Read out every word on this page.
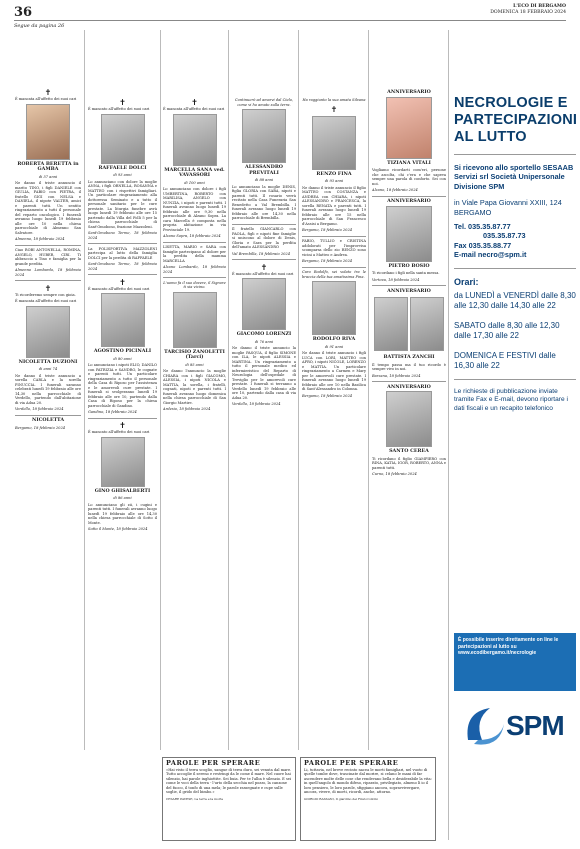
36	L'ECO DI BERGAMO
DOMENICA 18 FEBBRAIO 2024
Segue da pagina 26
✝

È mancata all'affetto dei suoi cari

ROBERTA BERETTA in GAMBA

di 57 anni

Ne danno il triste annuncio il marito TINO, i figli DANIELE con GIULIA, FABIO con PIETRA, il fratello GIGI con NELSA e DANIELA, il nipote VALTER, amici e parenti tutti. Un sentito ringraziamento a tutti il personale del reparto oncologico. I funerali avranno luogo lunedì 19 febbraio alle ore 10 nella chiesa parrocchiale di Almenno San Salvatore.

Almenno, 18 febbraio 2024

Ciao ROBI ANTONELLA, ROMINA, ANGELO, HUBER, CIRI. Ti abbraccio a Tino e famiglia per la grande perdita.

Almenno Lombardo, 18 febbraio 2024

✝

Ti ricorderemo sempre con gioia.

È mancata all'affetto dei suoi cari

NICOLETTA DUZIONI

di anni 74

Ne danno il triste annuncio a sorella CARLA e la sorella PINUCCIA. I funerali saranno celebrati lunedì 19 febbraio alle ore 14,30 nella parrocchiale di Verdello, partendo dall'abitazione di via Adua 20.

Verdello, 18 febbraio 2024

NICOLETTA

Bergamo, 18 febbraio 2024

✝

È mancato all'affetto dei suoi cari

RAFFAELE DOLCI

di 93 anni

Lo annunciano con dolore la moglie ANNA, i figli ORNELLA, ROSANNA e MATTEO con i rispettivi famigliari. Un particolare ringraziamento alla dottoressa Seminato e a tutto il personale sanitario per le cure prestate. La liturgia funebre avrà luogo lunedì 19 febbraio alle ore 15 partendo dalla Villa del Folli 5 per la chiesa parrocchiale di Sant'Omobono, frazione Mazzoleni.

Sant'Omobono Terme, 18 febbraio 2024

La POLISPORTIVA MAZZOLENI partecipa al lutto della famiglia DOLCI per la perdita di RAFFAELE

Sant'Omobono Terme, 18 febbraio 2024

✝

È mancato all'affetto dei suoi cari

AGOSTINO PICINALI

di 80 anni

Lo annunciano i nipoti ELIO, DANILO con PATRIZIA e SANDRO, le cognate e parenti tutti. Un particolare ringraziamento a tutto il personale della Casa di Riposo per l'assistenza e le amorevoli cure prestate. I funerali si svolgeranno lunedì 19 febbraio alle ore 10, partendo dalla Casa di Riposo per la chiesa parrocchiale di Gandino.

Gandino, 18 febbraio 2024

✝

È mancato all'affetto dei suoi cari

GINO GHISALBERTI

di 86 anni

Lo annunciano gli zii, i cugini e parenti tutti. I funerali avranno luogo lunedì 19 febbraio alle ore 14,30 nella chiesa parrocchiale di Sotto il Monte.

Sotto il Monte, 18 febbraio 2024

✝

È mancata all'affetto dei suoi cari

MARCELLA SANA ved. VAVASSORI

di 100 anni

Lo annunciano con dolore i figli UMBERTINA, ROBERTO con MARILISA, ANGELO con NUNZIA, i nipoti e parenti tutti. I funerali avranno luogo lunedì 19 febbraio alle ore 9,30 nella parrocchiale di Alzano Sopra. La cara Marcella è composta nella propria abitazione in via Provinciale 19.

Alzano Sopra, 18 febbraio 2024

LISETTA, MARIO e SARA con famiglie partecipano al dolore per la perdita della mamma MARCELLA

Alzano Lombardo, 18 febbraio 2024

L'uomo fa il suo dovere, il Signore ti sia vicino.

TARCISIO ZANOLETTI (Tarci)

di 85 anni

Ne danno l'annuncio la moglie CHIARA con i figli GIACOMO, ALESSIA, i nipoti NICOLA e MATTIA, la sorella, i fratelli, cognati, nipoti e parenti tutti. I funerali avranno luogo domenica nella chiesa parrocchiale di San Giorgio Martire.

Ardesio, 18 febbraio 2024

Continuerò ad amarvi dal Cielo, come vi ho amato sulla terra.

ALESSANDRO PREVITALI

di 88 anni

Lo annunciano la moglie DENIS, figlia GLORIA con SABA, nipoti e parenti tutti. Il rosario verrà recitato nella Casa Funeraria San Benedetto a Val Brembilla. I funerali avranno luogo lunedì 19 febbraio alle ore 14,30 nella parrocchiale di Brembilla.

Il fratello GIANCARLO con PAOLA, figli e nipoti fine famiglie si uniscono al dolore di Denis, Gloria e Sara per la perdita dell'amato ALESSANDRO

Val Brembilla, 18 febbraio 2024

✝

È mancato all'affetto dei suoi cari

GIACOMO LORENZI

di 76 anni

Ne danno il triste annuncio la moglie PASQUA, il figlio SIMONE con ILA, le nipoti ALESSIA e MARTINA. Un ringraziamento a tutto il personale medico ed infermieristico del Reparto di Neurologia dell'ospedale di Treviglio per le amorevoli cure prestate. I funerali si terranno a Verdello lunedì 19 febbraio alle ore 10, partendo dalla casa di via Adua 20.

Verdello, 18 febbraio 2024

Ha raggiunto la sua amata Silvana

✝
RENZO FINA

di 93 anni

Ne danno il triste annuncio il figlio MATTEO con COSTANZA e ANDREA con CHIARA, i nipoti ALESSANDRO e FRANCESCA, la sorella RENATA e parenti tutti. I funerali avranno luogo lunedì 19 febbraio alle ore 15 nella parrocchiale di San Francesco d'Assisi a Bergamo.

Bergamo, 18 febbraio 2024

FABIO, TULLIO e CRISTINA addolorati per l'improvvisa scomparsa dello zio RENZO sono vicini a Matteo e Andrea.

Bergamo, 18 febbraio 2024

Caro Rodolfo, sei volato tra le braccia della tua amatissima Pina.

RODOLFO RIVA

di 91 anni

Ne danno il triste annuncio i figli LUCA con LORI, MATTEO con AFRO, i nipoti NICOLE, LORENZO e MATTIA. Un particolare ringraziamento a Carmen e Mary per le amorevoli cure prestate. I funerali avranno luogo lunedì 19 febbraio alle ore 10 nella Basilica di Sant'Alessandro in Colonna.

Bergamo, 18 febbraio 2024

ANNIVERSARIO
TIZIANA VITALI

Vogliamo ricordarti com'eri, persone che ascolta, chi c'era e che sapeva sempre una parola di conforto. Sei con noi.

Alzano, 18 febbraio 2024

ANNIVERSARIO
PIETRO BOSIO

Ti ricordano i figli nella santa messa.

Vertova, 18 febbraio 2024

ANNIVERSARIO
BATTISTA ZANCHI

Il tempo passa ma il tuo ricordo è sempre vivo in noi.

Barzana, 18 febbraio 2024

ANNIVERSARIO
SANTO CEREA

Ti ricordano il figlio GIAMPIERO con RINA, KATIA, IGOR, ROBERTO, ANNA e parenti tutti.

Curno, 18 febbraio 2024

PAROLE PER SPERARE

«Hai visto il terra scoglio, sangue di terra duro, sei venuta dal mare. Tutto accoglie il sereno e restringi da le come il mare. Nel cuore hai silenzio, hai parole inghiottite. Sei buia. Per te l'alba è silenzio. E sei come le voci della terra - l'urto della secchia nel pozzo, la canzone del fuoco, il tonfo di una mela; le parole rassegnate e cupe sulle soglie, il grido del bimbo.»

CESARE PAVESE, La terra e la morte

PAROLE PER SPERARE

Li, tuttavia, nel breve recinto nacea le morti famigliari, nel vuoto di quelle tombe dove, trascinate dal morire, si celano le mani di far ascendere molte delle cose che rendevano bella e desiderabile la vita: in quell'angolo di mondo difeso, riparato, privilegiato, almeno lì io il loro pensiero, le loro parole, sfiggiano ancora, sopravvivergare, ancora, vivere, di morti, ricordi, anche, attorno.

GIORGIO BASSANI, Il giardino dei Finzi-Contini

NECROLOGIE E PARTECIPAZIONI AL LUTTO
Si ricevono allo sportello SESAAB Servizi srl Società Unipersonale Divisione SPM
in Viale Papa Giovanni XXIII, 124 BERGAMO
Tel. 035.35.87.77
035.35.87.73
Fax 035.35.88.77
E-mail necro@spm.it
Orari:
da LUNEDÌ a VENERDÌ dalle 8,30 alle 12,30 dalle 14,30 alle 22
SABATO dalle 8,30 alle 12,30 dalle 17,30 alle 22
DOMENICA E FESTIVI dalle 16,30 alle 22
Le richieste di pubblicazione inviate tramite Fax e E-mail, devono riportare i dati fiscali e un recapito telefonico
È possibile inserire direttamente on line le partecipazioni al lutto su www.ecodibergamo.it/necrologie
SPM
